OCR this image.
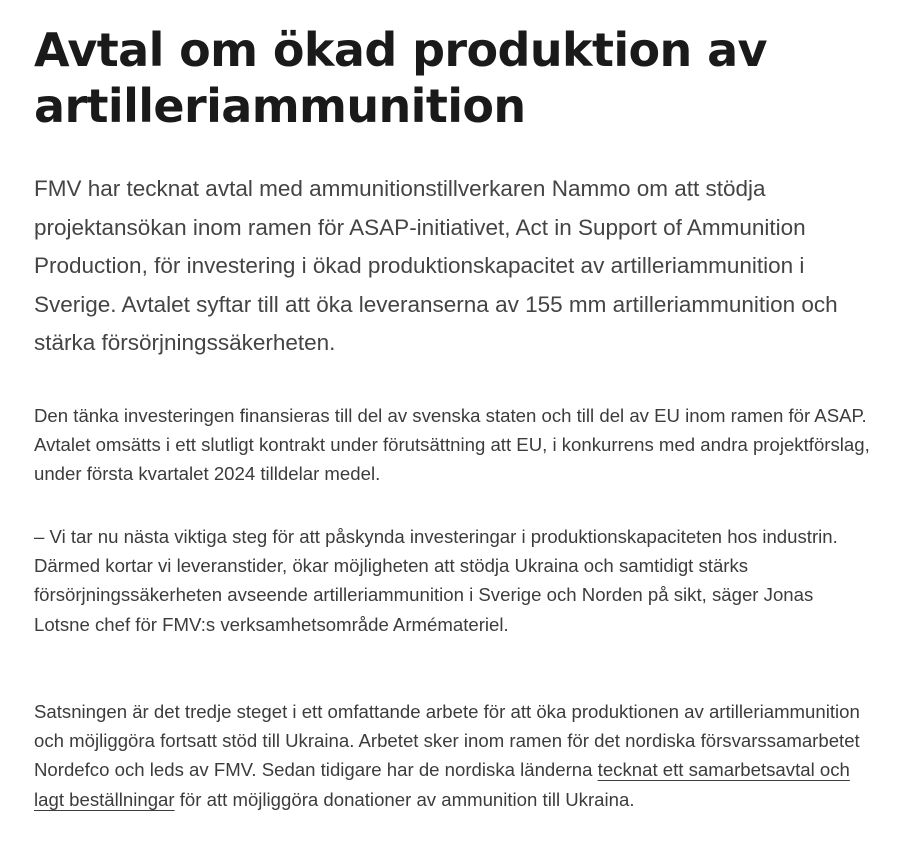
Avtal om ökad produktion av artilleriammunition

FMV har tecknat avtal med ammunitionstillverkaren Nammo om att stödja projektansökan inom ramen för ASAP-initiativet, Act in Support of Ammunition Production, för investering i ökad produktionskapacitet av artilleriammunition i Sverige. Avtalet syftar till att öka leveranserna av 155 mm artilleriammunition och stärka försörjningssäkerheten.

Den tänka investeringen finansieras till del av svenska staten och till del av EU inom ramen för ASAP. Avtalet omsätts i ett slutligt kontrakt under förutsättning att EU, i konkurrens med andra projektförslag, under första kvartalet 2024 tilldelar medel.

– Vi tar nu nästa viktiga steg för att påskynda investeringar i produktionskapaciteten hos industrin. Därmed kortar vi leveranstider, ökar möjligheten att stödja Ukraina och samtidigt stärks försörjningssäkerheten avseende artilleriammunition i Sverige och Norden på sikt, säger Jonas Lotsne chef för FMV:s verksamhetsområde Armémateriel.

Satsningen är det tredje steget i ett omfattande arbete för att öka produktionen av artilleriammunition och möjliggöra fortsatt stöd till Ukraina. Arbetet sker inom ramen för det nordiska försvarssamarbetet Nordefco och leds av FMV. Sedan tidigare har de nordiska länderna tecknat ett samarbetsavtal och lagt beställningar för att möjliggöra donationer av ammunition till Ukraina.
